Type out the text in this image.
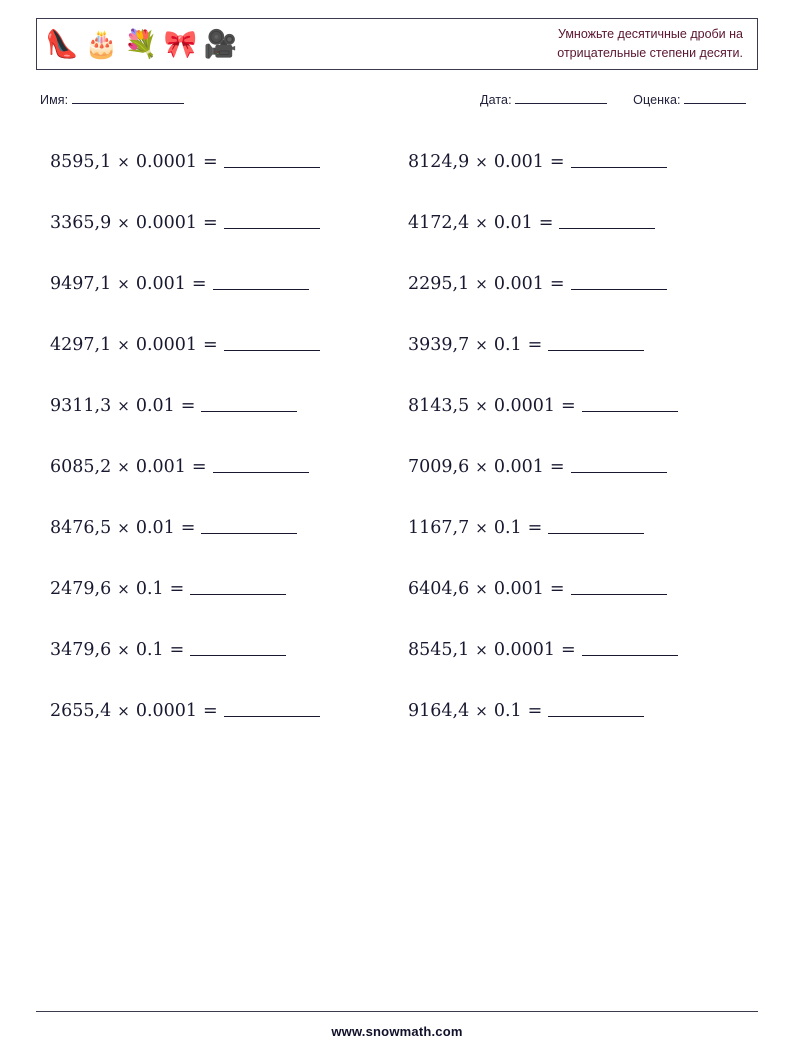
👠 🎂 💐 🎀 🎥	Умножьте десятичные дроби на
отрицательные степени десяти.
Имя:	Дата:	Оценка:
8595,1 × 0.0001 =	8124,9 × 0.001 =
3365,9 × 0.0001 =	4172,4 × 0.01 =
9497,1 × 0.001 =	2295,1 × 0.001 =
4297,1 × 0.0001 =	3939,7 × 0.1 =
9311,3 × 0.01 =	8143,5 × 0.0001 =
6085,2 × 0.001 =	7009,6 × 0.001 =
8476,5 × 0.01 =	1167,7 × 0.1 =
2479,6 × 0.1 =	6404,6 × 0.001 =
3479,6 × 0.1 =	8545,1 × 0.0001 =
2655,4 × 0.0001 =	9164,4 × 0.1 =
www.snowmath.com
